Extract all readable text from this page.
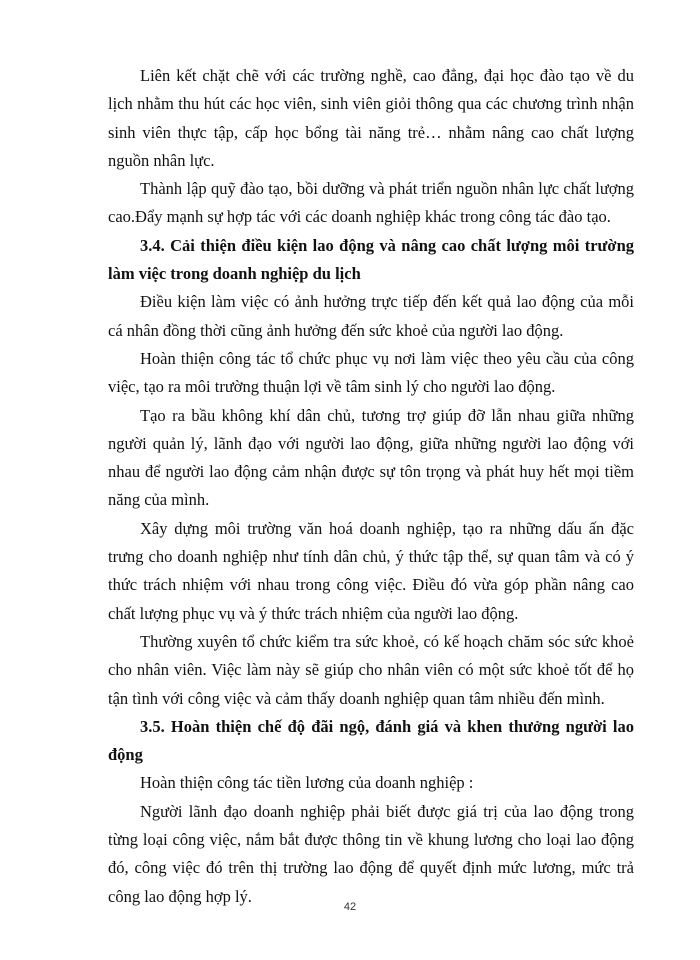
Liên kết chặt chẽ với các trường nghề, cao đẳng, đại học đào tạo về du lịch nhằm thu hút các học viên, sinh viên giỏi thông qua các chương trình nhận sinh viên thực tập, cấp học bổng tài năng trẻ… nhằm nâng cao chất lượng nguồn nhân lực.

Thành lập quỹ đào tạo, bồi dưỡng và phát triển nguồn nhân lực chất lượng cao.Đẩy mạnh sự hợp tác với các doanh nghiệp khác trong công tác đào tạo.

3.4. Cải thiện điều kiện lao động và nâng cao chất lượng môi trường làm việc trong doanh nghiệp du lịch

Điều kiện làm việc có ảnh hưởng trực tiếp đến kết quả lao động của mỗi cá nhân đồng thời cũng ảnh hưởng đến sức khoẻ của người lao động.

Hoàn thiện công tác tổ chức phục vụ nơi làm việc theo yêu cầu của công việc, tạo ra môi trường thuận lợi về tâm sinh lý cho người lao động.

Tạo ra bầu không khí dân chủ, tương trợ giúp đỡ lẫn nhau giữa những người quản lý, lãnh đạo với người lao động, giữa những người lao động với nhau để người lao động cảm nhận được sự tôn trọng và phát huy hết mọi tiềm năng của mình.

Xây dựng môi trường văn hoá doanh nghiệp, tạo ra những dấu ấn đặc trưng cho doanh nghiệp như tính dân chủ, ý thức tập thể, sự quan tâm và có ý thức trách nhiệm với nhau trong công việc. Điều đó vừa góp phần nâng cao chất lượng phục vụ và ý thức trách nhiệm của người lao động.

Thường xuyên tổ chức kiểm tra sức khoẻ, có kế hoạch chăm sóc sức khoẻ cho nhân viên. Việc làm này sẽ giúp cho nhân viên có một sức khoẻ tốt để họ tận tình với công việc và cảm thấy doanh nghiệp quan tâm nhiều đến mình.

3.5. Hoàn thiện chế độ đãi ngộ, đánh giá và khen thưởng người lao động

Hoàn thiện công tác tiền lương của doanh nghiệp :

Người lãnh đạo doanh nghiệp phải biết được giá trị của lao động trong từng loại công việc, nắm bắt được thông tin về khung lương cho loại lao động đó, công việc đó trên thị trường lao động để quyết định mức lương, mức trả công lao động hợp lý.

42
